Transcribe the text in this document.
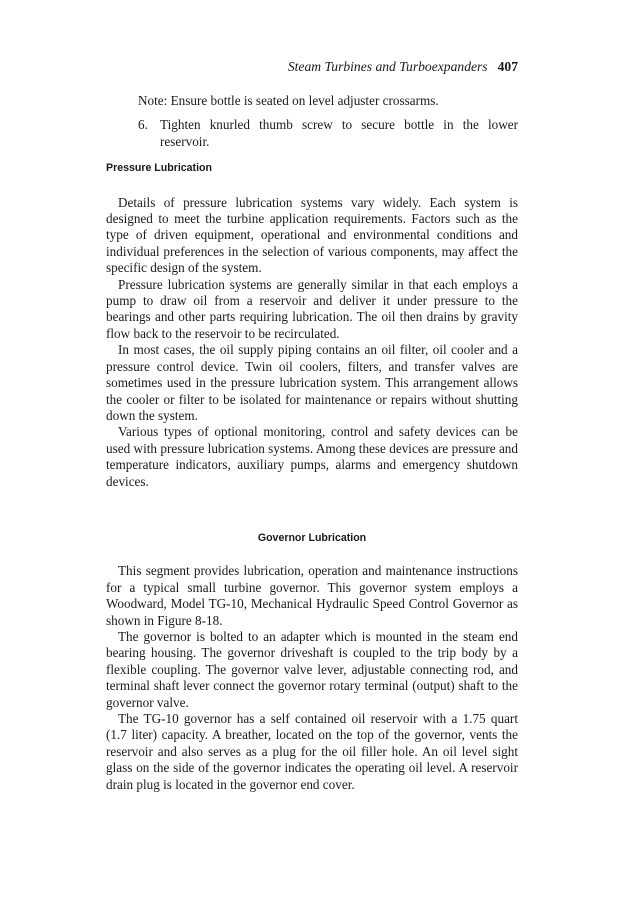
Steam Turbines and Turboexpanders 407

Note: Ensure bottle is seated on level adjuster crossarms.

6. Tighten knurled thumb screw to secure bottle in the lower reservoir.
Pressure Lubrication

Details of pressure lubrication systems vary widely. Each system is designed to meet the turbine application requirements. Factors such as the type of driven equipment, operational and environmental conditions and individual preferences in the selection of various components, may affect the specific design of the system.

Pressure lubrication systems are generally similar in that each employs a pump to draw oil from a reservoir and deliver it under pressure to the bearings and other parts requiring lubrication. The oil then drains by gravity flow back to the reservoir to be recirculated.

In most cases, the oil supply piping contains an oil filter, oil cooler and a pressure control device. Twin oil coolers, filters, and transfer valves are sometimes used in the pressure lubrication system. This arrangement allows the cooler or filter to be isolated for maintenance or repairs without shutting down the system.

Various types of optional monitoring, control and safety devices can be used with pressure lubrication systems. Among these devices are pressure and temperature indicators, auxiliary pumps, alarms and emergency shutdown devices.

Governor Lubrication

This segment provides lubrication, operation and maintenance instructions for a typical small turbine governor. This governor system employs a Woodward, Model TG-10, Mechanical Hydraulic Speed Control Governor as shown in Figure 8-18.

The governor is bolted to an adapter which is mounted in the steam end bearing housing. The governor driveshaft is coupled to the trip body by a flexible coupling. The governor valve lever, adjustable connecting rod, and terminal shaft lever connect the governor rotary terminal (output) shaft to the governor valve.

The TG-10 governor has a self contained oil reservoir with a 1.75 quart (1.7 liter) capacity. A breather, located on the top of the governor, vents the reservoir and also serves as a plug for the oil filler hole. An oil level sight glass on the side of the governor indicates the operating oil level. A reservoir drain plug is located in the governor end cover.
